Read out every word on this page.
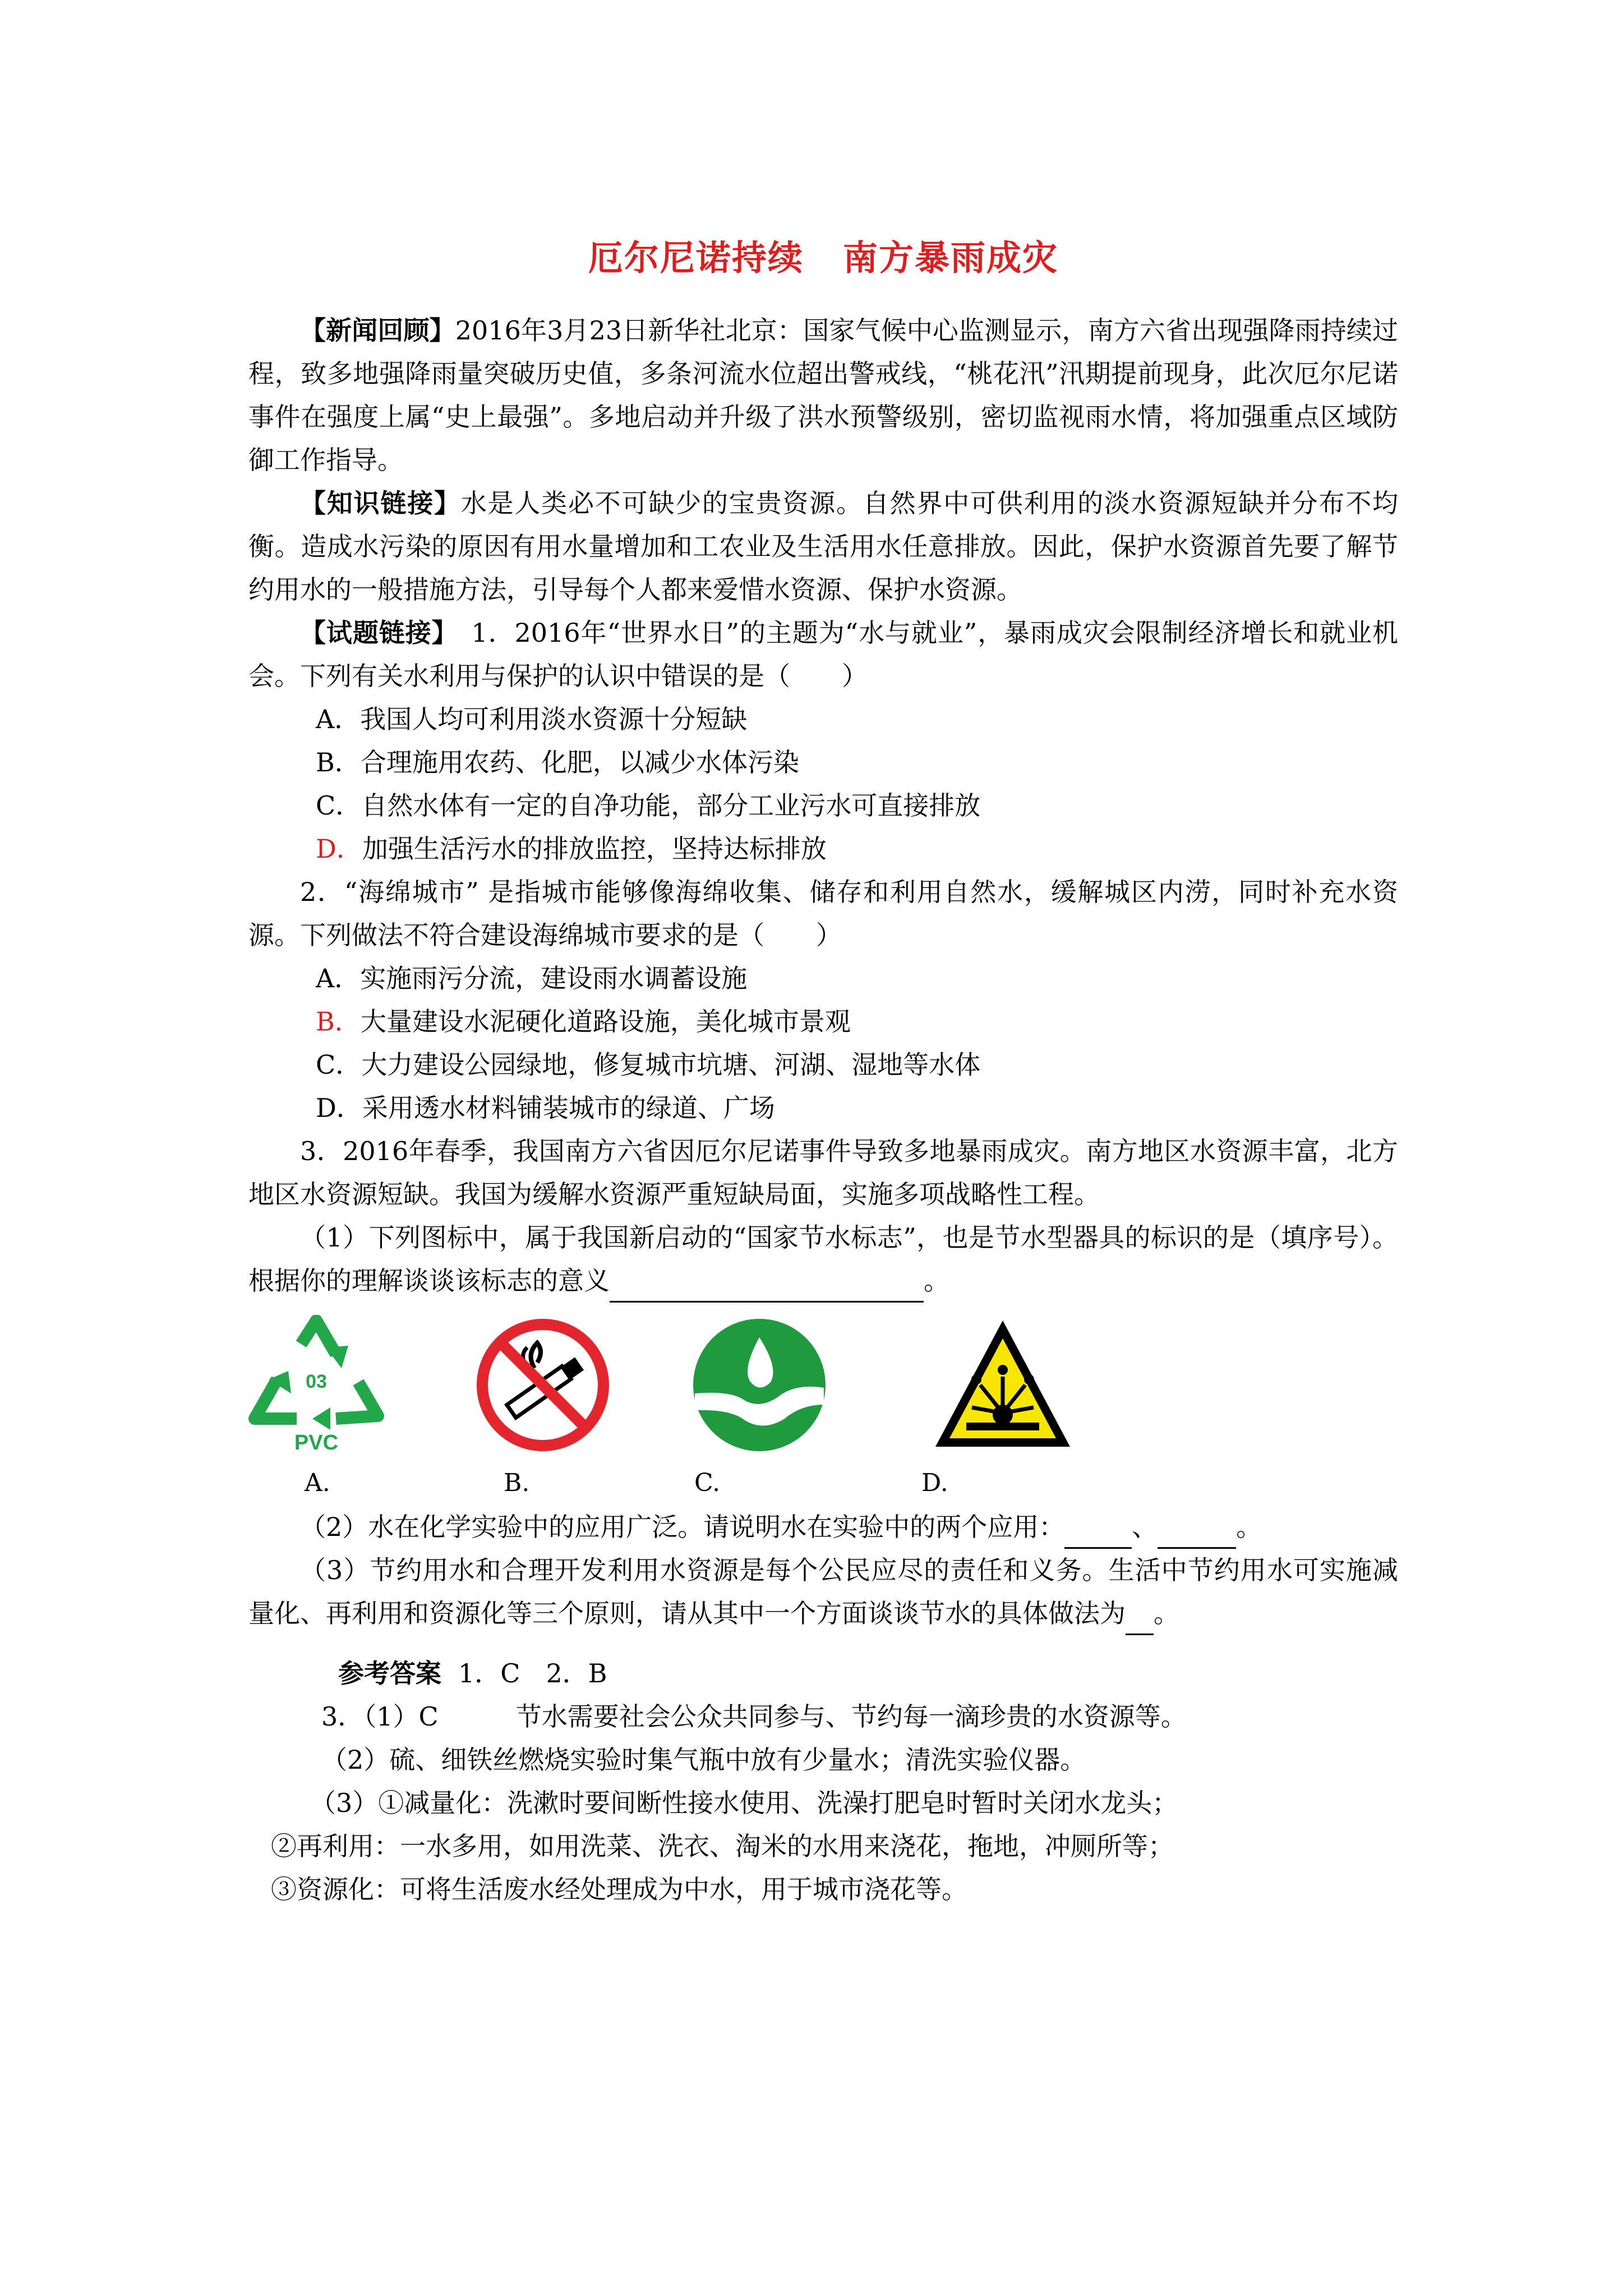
厄尔尼诺持续 南方暴雨成灾

【新闻回顾】2016年3月23日新华社北京：国家气候中心监测显示，南方六省出现强降雨持续过程，致多地强降雨量突破历史值，多条河流水位超出警戒线，“桃花汛”汛期提前现身，此次厄尔尼诺事件在强度上属“史上最强”。多地启动并升级了洪水预警级别，密切监视雨水情，将加强重点区域防御工作指导。

【知识链接】水是人类必不可缺少的宝贵资源。自然界中可供利用的淡水资源短缺并分布不均衡。造成水污染的原因有用水量增加和工农业及生活用水任意排放。因此，保护水资源首先要了解节约用水的一般措施方法，引导每个人都来爱惜水资源、保护水资源。

【试题链接】　1．2016年“世界水日”的主题为“水与就业”，暴雨成灾会限制经济增长和就业机会。下列有关水利用与保护的认识中错误的是（　　）

A．我国人均可利用淡水资源十分短缺

B．合理施用农药、化肥，以减少水体污染

C．自然水体有一定的自净功能，部分工业污水可直接排放

D．加强生活污水的排放监控，坚持达标排放

2．“海绵城市” 是指城市能够像海绵收集、储存和利用自然水，缓解城区内涝，同时补充水资源。下列做法不符合建设海绵城市要求的是（　　）

A．实施雨污分流，建设雨水调蓄设施

B．大量建设水泥硬化道路设施，美化城市景观

C．大力建设公园绿地，修复城市坑塘、河湖、湿地等水体

D．采用透水材料铺装城市的绿道、广场

3．2016年春季，我国南方六省因厄尔尼诺事件导致多地暴雨成灾。南方地区水资源丰富，北方地区水资源短缺。我国为缓解水资源严重短缺局面，实施多项战略性工程。

（1）下列图标中，属于我国新启动的“国家节水标志”，也是节水型器具的标识的是（填序号）。根据你的理解谈谈该标志的意义	。

03
PVC
A.	B.	C.	D.

（2）水在化学实验中的应用广泛。请说明水在实验中的两个应用：	、	。

（3）节约用水和合理开发利用水资源是每个公民应尽的责任和义务。生活中节约用水可实施减量化、再利用和资源化等三个原则，请从其中一个方面谈谈节水的具体做法为 。

参考答案 1．C　2．B

3．（1）C　　　节水需要社会公众共同参与、节约每一滴珍贵的水资源等。

（2）硫、细铁丝燃烧实验时集气瓶中放有少量水；清洗实验仪器。

（3）①减量化：洗漱时要间断性接水使用、洗澡打肥皂时暂时关闭水龙头；

②再利用：一水多用，如用洗菜、洗衣、淘米的水用来浇花，拖地，冲厕所等；

③资源化：可将生活废水经处理成为中水，用于城市浇花等。
